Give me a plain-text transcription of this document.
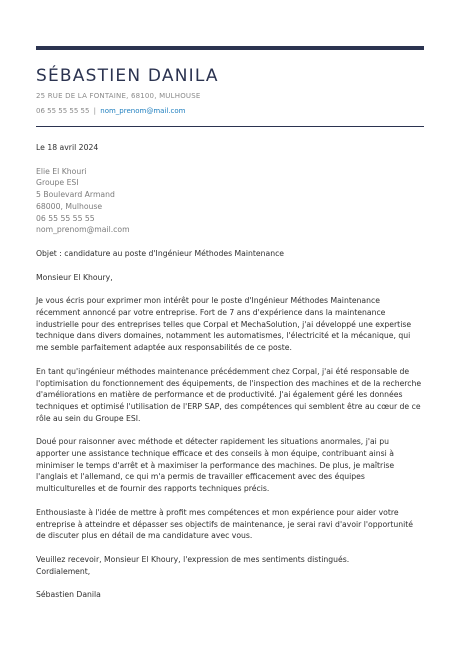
SÉBASTIEN DANILA
25 RUE DE LA FONTAINE, 68100, MULHOUSE
06 55 55 55 55 | nom_prenom@mail.com
Le 18 avril 2024
Elie El Khouri
Groupe ESI
5 Boulevard Armand
68000, Mulhouse
06 55 55 55 55
nom_prenom@mail.com
Objet : candidature au poste d'Ingénieur Méthodes Maintenance
Monsieur El Khoury,
Je vous écris pour exprimer mon intérêt pour le poste d'Ingénieur Méthodes Maintenance récemment annoncé par votre entreprise. Fort de 7 ans d'expérience dans la maintenance industrielle pour des entreprises telles que Corpal et MechaSolution, j'ai développé une expertise technique dans divers domaines, notamment les automatismes, l'électricité et la mécanique, qui me semble parfaitement adaptée aux responsabilités de ce poste.
En tant qu'ingénieur méthodes maintenance précédemment chez Corpal, j'ai été responsable de l'optimisation du fonctionnement des équipements, de l'inspection des machines et de la recherche d'améliorations en matière de performance et de productivité. J'ai également géré les données techniques et optimisé l'utilisation de l'ERP SAP, des compétences qui semblent être au cœur de ce rôle au sein du Groupe ESI.
Doué pour raisonner avec méthode et détecter rapidement les situations anormales, j'ai pu apporter une assistance technique efficace et des conseils à mon équipe, contribuant ainsi à minimiser le temps d'arrêt et à maximiser la performance des machines. De plus, je maîtrise l'anglais et l'allemand, ce qui m'a permis de travailler efficacement avec des équipes multiculturelles et de fournir des rapports techniques précis.
Enthousiaste à l'idée de mettre à profit mes compétences et mon expérience pour aider votre entreprise à atteindre et dépasser ses objectifs de maintenance, je serai ravi d'avoir l'opportunité de discuter plus en détail de ma candidature avec vous.
Veuillez recevoir, Monsieur El Khoury, l'expression de mes sentiments distingués.
Cordialement,
Sébastien Danila
